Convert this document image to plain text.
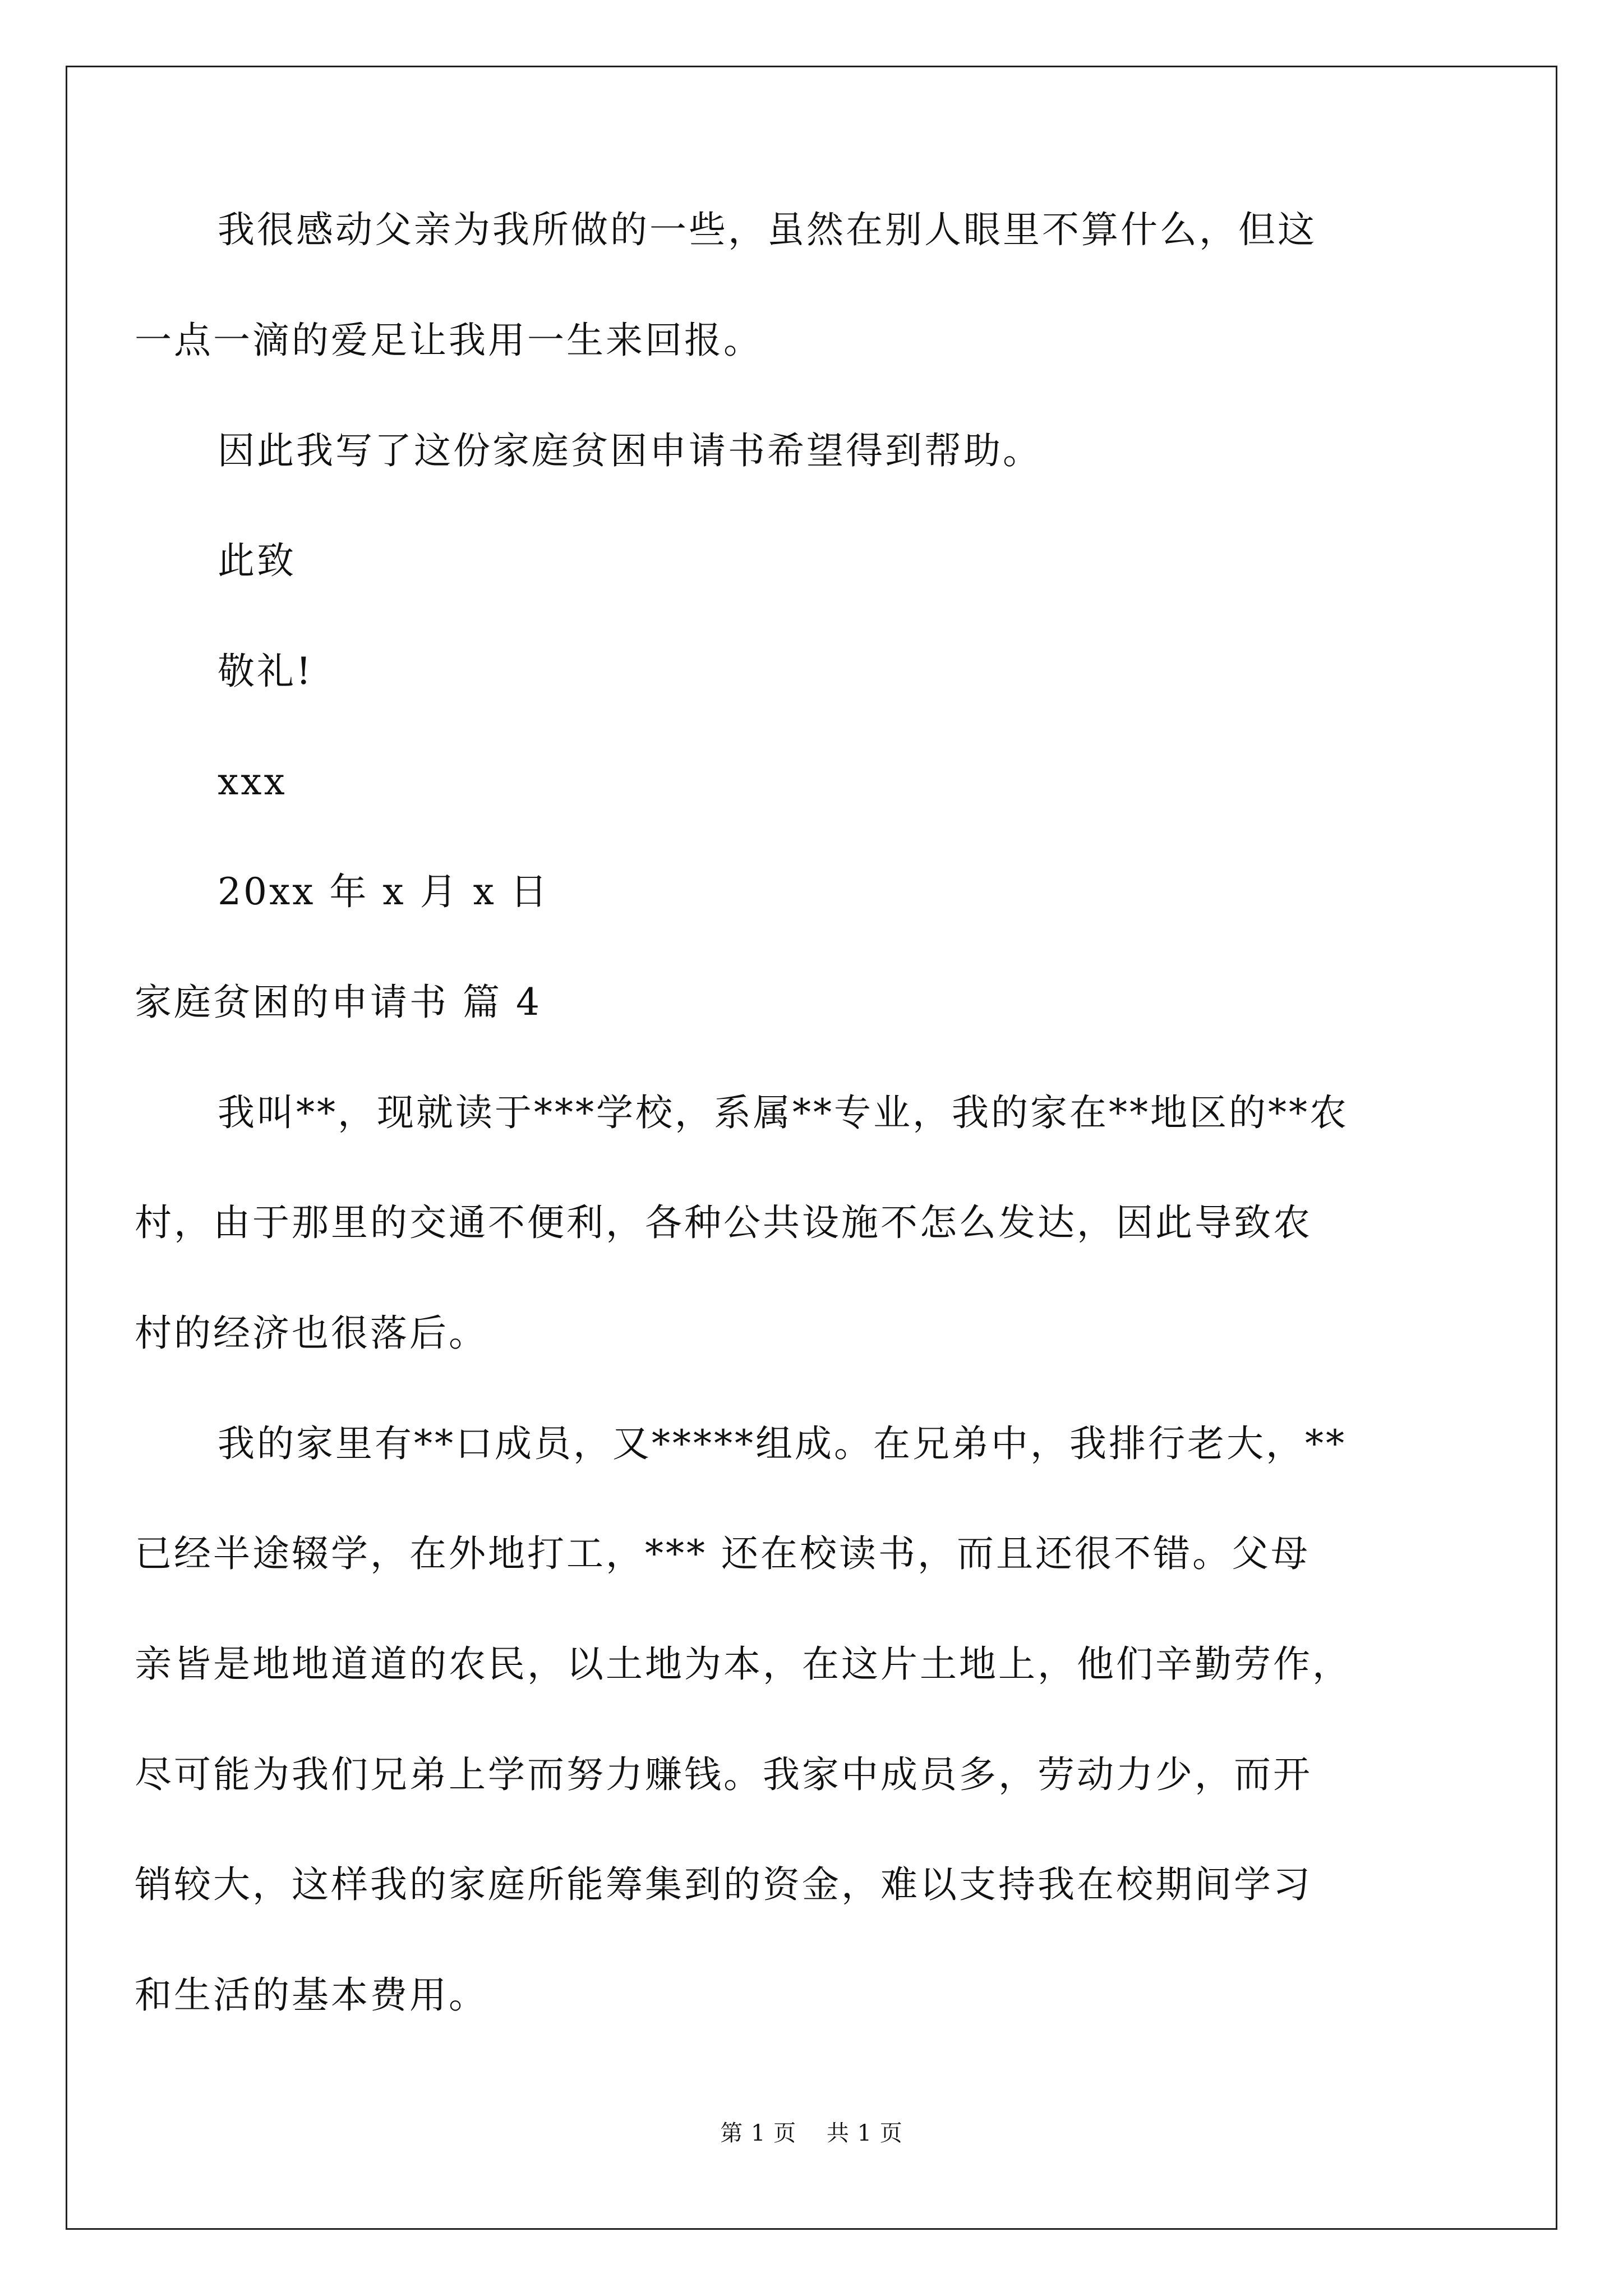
我很感动父亲为我所做的一些，虽然在别人眼里不算什么，但这
一点一滴的爱足让我用一生来回报。
因此我写了这份家庭贫困申请书希望得到帮助。
此致
敬礼!
xxx
20xx 年 x 月 x 日
家庭贫困的申请书 篇 4
我叫**，现就读于***学校，系属**专业，我的家在**地区的**农
村，由于那里的交通不便利，各种公共设施不怎么发达，因此导致农
村的经济也很落后。
我的家里有**口成员，又*****组成。在兄弟中，我排行老大，**
已经半途辍学，在外地打工，*** 还在校读书，而且还很不错。父母
亲皆是地地道道的农民，以土地为本，在这片土地上，他们辛勤劳作，
尽可能为我们兄弟上学而努力赚钱。我家中成员多，劳动力少，而开
销较大，这样我的家庭所能筹集到的资金，难以支持我在校期间学习
和生活的基本费用。
第 1 页 共 1 页
